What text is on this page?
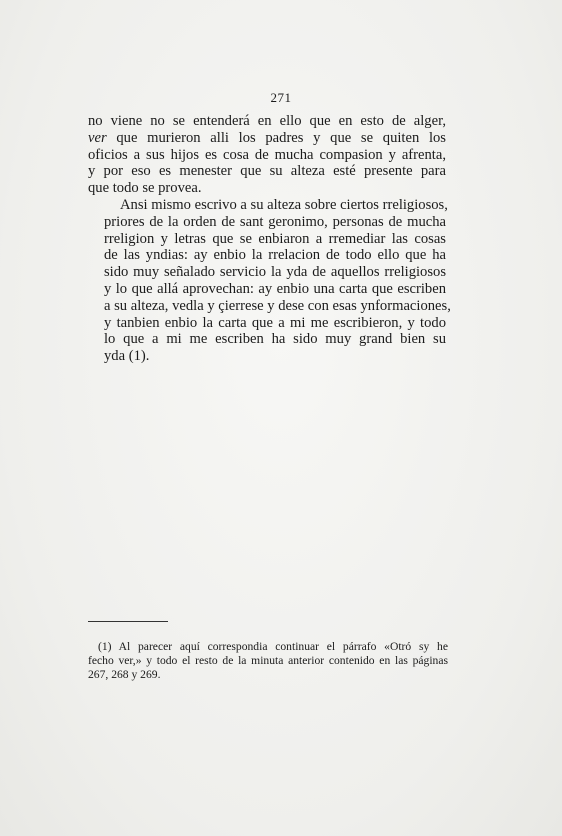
271

no viene no se entenderá en ello que en esto de alger,
ver que murieron alli los padres y que se quiten los
oficios a sus hijos es cosa de mucha compasion y afrenta,
y por eso es menester que su alteza esté presente para
que todo se provea.

Ansi mismo escrivo a su alteza sobre ciertos rreligiosos,
priores de la orden de sant geronimo, personas de mucha
rreligion y letras que se enbiaron a rremediar las cosas
de las yndias: ay enbio la rrelacion de todo ello que ha
sido muy señalado servicio la yda de aquellos rreligiosos
y lo que allá aprovechan: ay enbio una carta que escriben
a su alteza, vedla y çierrese y dese con esas ynformaciones,
y tanbien enbio la carta que a mi me escribieron, y todo
lo que a mi me escriben ha sido muy grand bien su
yda (1).

(1) Al parecer aquí correspondia continuar el párrafo «Otró sy he
fecho ver,» y todo el resto de la minuta anterior contenido en las páginas
267, 268 y 269.
